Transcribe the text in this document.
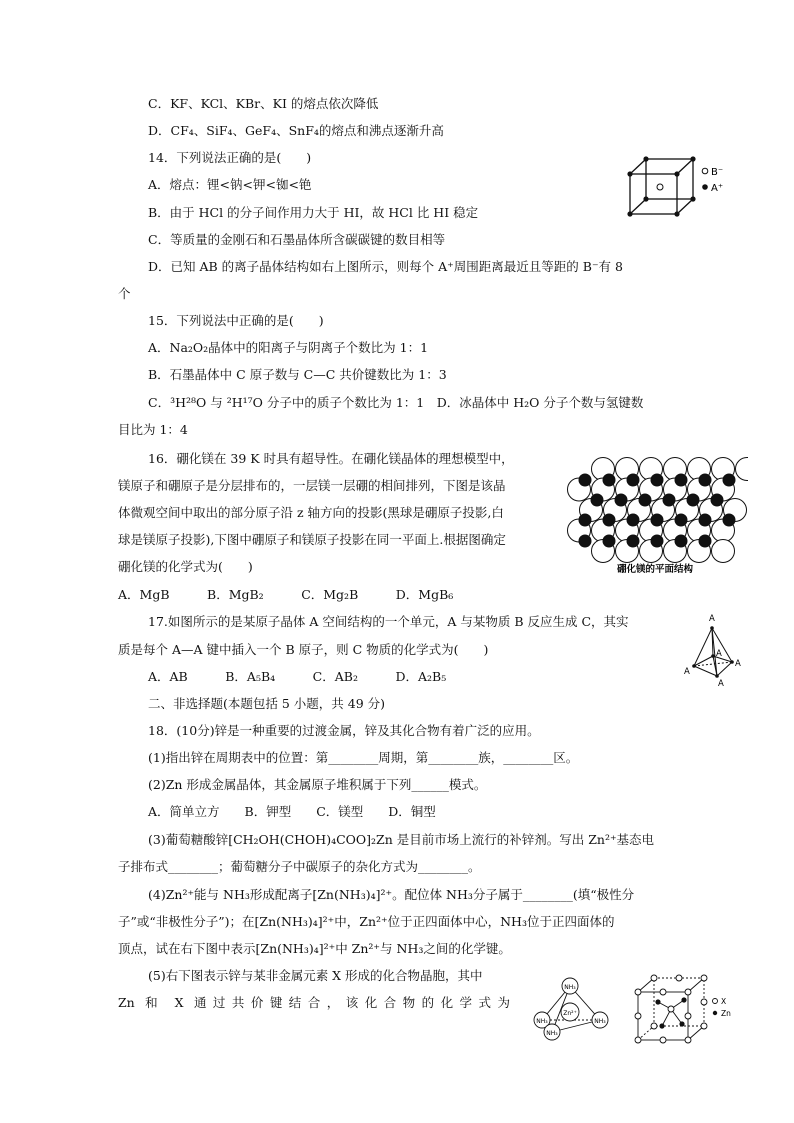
C．KF、KCl、KBr、KI 的熔点依次降低
D．CF₄、SiF₄、GeF₄、SnF₄的熔点和沸点逐渐升高
14．下列说法正确的是(　　)
A．熔点：锂<钠<钾<铷<铯
B．由于 HCl 的分子间作用力大于 HI，故 HCl 比 HI 稳定
C．等质量的金刚石和石墨晶体所含碳碳键的数目相等
D．已知 AB 的离子晶体结构如右上图所示，则每个 A⁺周围距离最近且等距的 B⁻有 8
个
15．下列说法中正确的是(　　)
A．Na₂O₂晶体中的阳离子与阴离子个数比为 1：1
B．石墨晶体中 C 原子数与 C—C 共价键数比为 1：3
C．³H²⁸O 与 ²H¹⁷O 分子中的质子个数比为 1：1　D．冰晶体中 H₂O 分子个数与氢键数
目比为 1：4
16．硼化镁在 39 K 时具有超导性。在硼化镁晶体的理想模型中，
镁原子和硼原子是分层排布的，一层镁一层硼的相间排列，下图是该晶
体微观空间中取出的部分原子沿 z 轴方向的投影(黑球是硼原子投影,白
球是镁原子投影),下图中硼原子和镁原子投影在同一平面上.根据图确定
硼化镁的化学式为(　　)
A．MgB　　　B．MgB₂　　　C．Mg₂B　　　D．MgB₆
17.如图所示的是某原子晶体 A 空间结构的一个单元，A 与某物质 B 反应生成 C，其实
质是每个 A—A 键中插入一个 B 原子，则 C 物质的化学式为(　　)
A．AB　　　B．A₅B₄　　　C．AB₂　　　D．A₂B₅
二、非选择题(本题包括 5 小题，共 49 分)
18．(10分)锌是一种重要的过渡金属，锌及其化合物有着广泛的应用。
(1)指出锌在周期表中的位置：第________周期，第________族，________区。
(2)Zn 形成金属晶体，其金属原子堆积属于下列______模式。
A．简单立方　　B．钾型　　C．镁型　　D．铜型
(3)葡萄糖酸锌[CH₂OH(CHOH)₄COO]₂Zn 是目前市场上流行的补锌剂。写出 Zn²⁺基态电
子排布式________；葡萄糖分子中碳原子的杂化方式为________。
(4)Zn²⁺能与 NH₃形成配离子[Zn(NH₃)₄]²⁺。配位体 NH₃分子属于________(填“极性分
子”或“非极性分子”)；在[Zn(NH₃)₄]²⁺中，Zn²⁺位于正四面体中心，NH₃位于正四面体的
顶点，试在右下图中表示[Zn(NH₃)₄]²⁺中 Zn²⁺与 NH₃之间的化学键。
(5)右下图表示锌与某非金属元素 X 形成的化合物晶胞，其中
Zn 和 X 通过共价键结合，该化合物的化学式为
B⁻
A⁺
硼化镁的平面结构
A
A
A
A
A
NH₃
NH₃	NH₃
NH₃
Zn²⁺
X
Zn
